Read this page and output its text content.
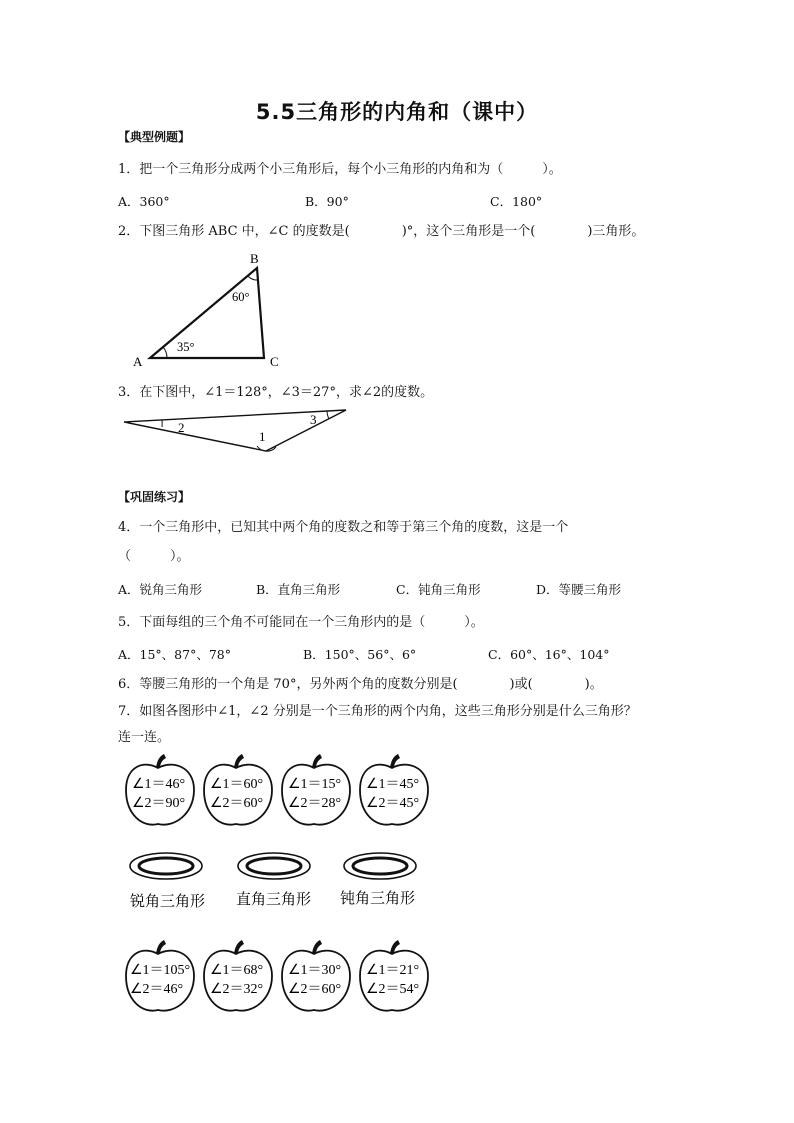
5.5三角形的内角和（课中）
【典型例题】
1．把一个三角形分成两个小三角形后，每个小三角形的内角和为（　　　）。
A．360°	B．90°	C．180°
2．下图三角形 ABC 中，∠C 的度数是(　　　　)°，这个三角形是一个(　　　　)三角形。
B
A	C
60°
35°
3．在下图中，∠1＝128°，∠3＝27°，求∠2的度数。
2
1
3
【巩固练习】
4．一个三角形中，已知其中两个角的度数之和等于第三个角的度数，这是一个
（　　　）。
A．锐角三角形	B．直角三角形	C．钝角三角形	D．等腰三角形
5．下面每组的三个角不可能同在一个三角形内的是（　　　）。
A．15°、87°、78°	B．150°、56°、6°	C．60°、16°、104°
6．等腰三角形的一个角是 70°，另外两个角的度数分别是(　　　　)或(　　　　)。
7．如图各图形中∠1，∠2 分别是一个三角形的两个内角，这些三角形分别是什么三角形？
连一连。
∠1＝46°
∠2＝90°
∠1＝60°
∠2＝60°
∠1＝15°
∠2＝28°
∠1＝45°
∠2＝45°
锐角三角形 直角三角形 钝角三角形
∠1＝105°
∠2＝46°
∠1＝68°
∠2＝32°
∠1＝30°
∠2＝60°
∠1＝21°
∠2＝54°
